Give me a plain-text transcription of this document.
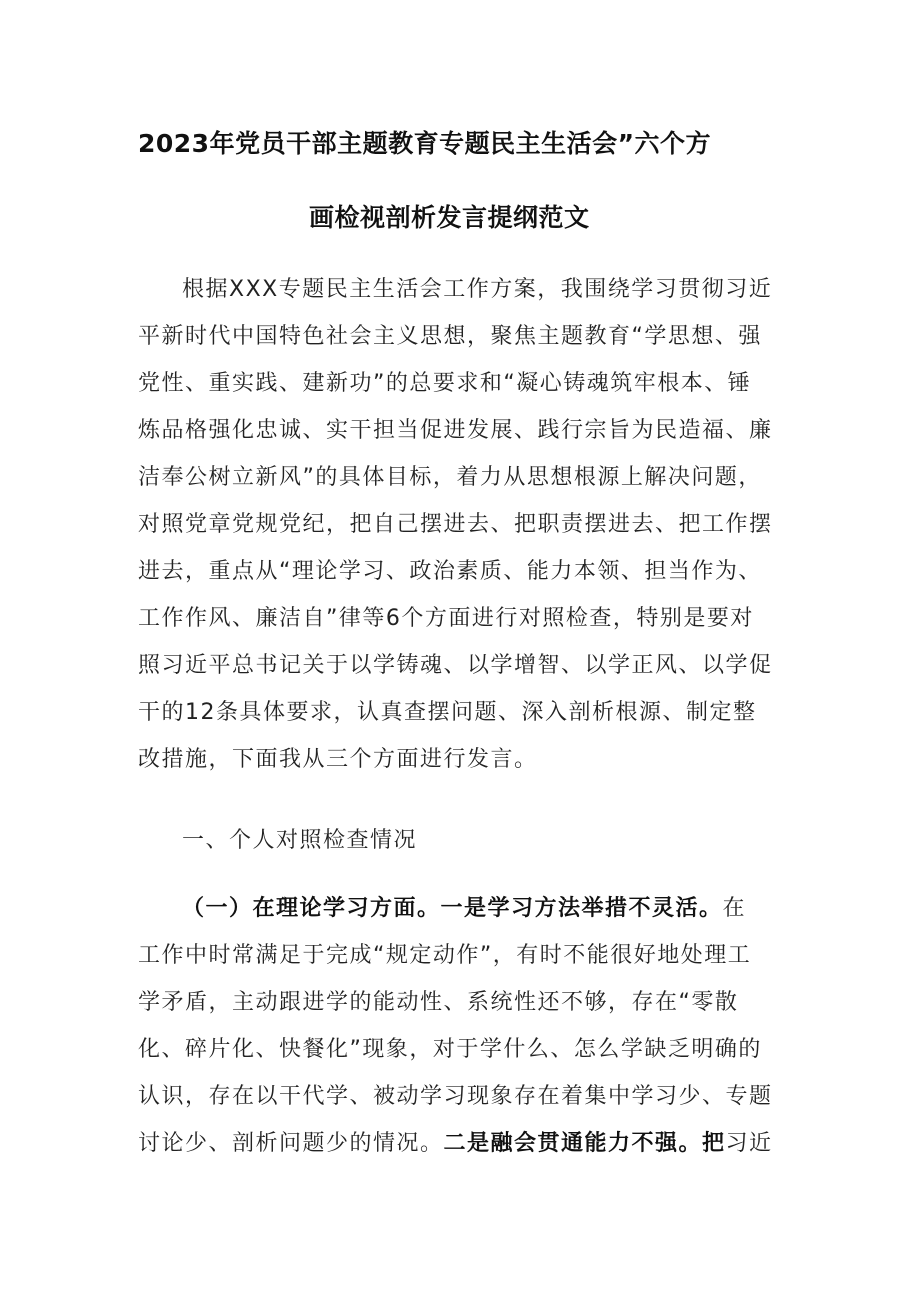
2023年党员干部主题教育专题民主生活会”六个方
画检视剖析发言提纲范文
根据XXX专题民主生活会工作方案，我围绕学习贯彻习近
平新时代中国特色社会主义思想，聚焦主题教育“学思想、强
党性、重实践、建新功”的总要求和“凝心铸魂筑牢根本、锤
炼品格强化忠诚、实干担当促进发展、践行宗旨为民造福、廉
洁奉公树立新风”的具体目标，着力从思想根源上解决问题，
对照党章党规党纪，把自己摆进去、把职责摆进去、把工作摆
进去，重点从“理论学习、政治素质、能力本领、担当作为、
工作作风、廉洁自”律等6个方面进行对照检查，特别是要对
照习近平总书记关于以学铸魂、以学增智、以学正风、以学促
干的12条具体要求，认真查摆问题、深入剖析根源、制定整
改措施，下面我从三个方面进行发言。
一、个人对照检查情况
（一）在理论学习方面。一是学习方法举措不灵活。在
工作中时常满足于完成“规定动作”，有时不能很好地处理工
学矛盾，主动跟进学的能动性、系统性还不够，存在“零散
化、碎片化、快餐化”现象，对于学什么、怎么学缺乏明确的
认识，存在以干代学、被动学习现象存在着集中学习少、专题
讨论少、剖析问题少的情况。二是融会贯通能力不强。把习近
